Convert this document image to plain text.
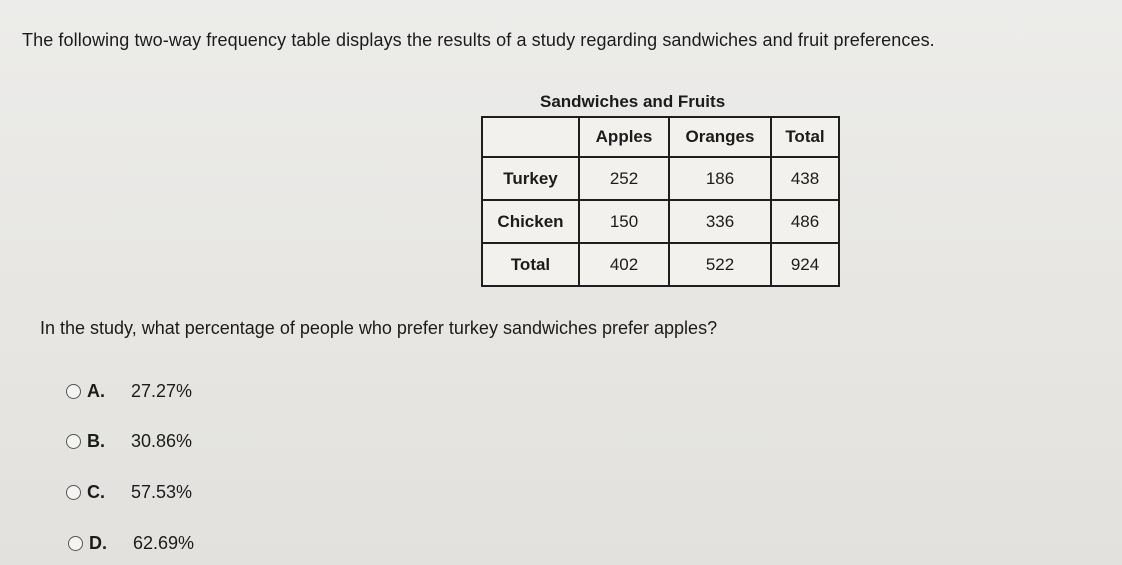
The following two-way frequency table displays the results of a study regarding sandwiches and fruit preferences.
Sandwiches and Fruits
	Apples	Oranges	Total
Turkey	252	186	438
Chicken	150	336	486
Total	402	522	924
In the study, what percentage of people who prefer turkey sandwiches prefer apples?
A.	27.27%
B.	30.86%
C.	57.53%
D.	62.69%
